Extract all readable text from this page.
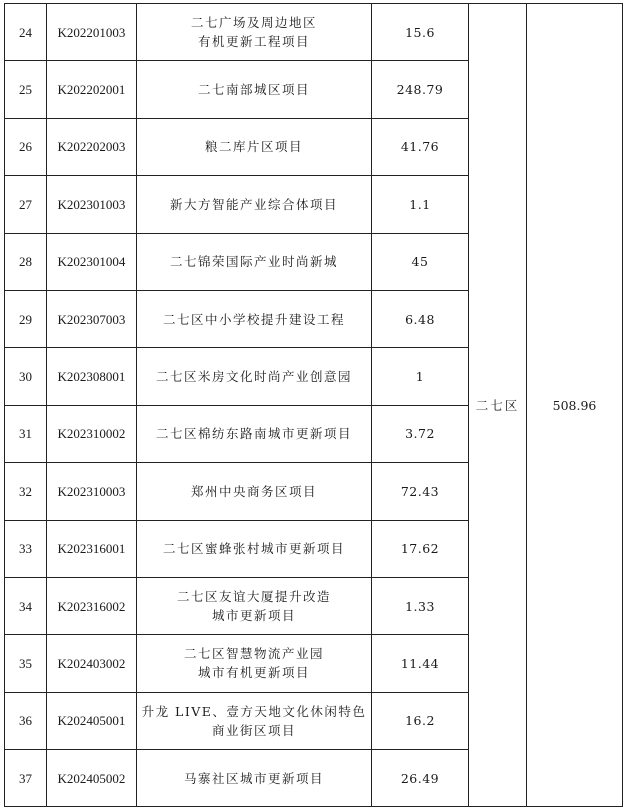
24	K202201003	二七广场及周边地区
有机更新工程项目	15.6	二七区	508.96
25	K202202001	二七南部城区项目	248.79		
26	K202202003	粮二库片区项目	41.76		
27	K202301003	新大方智能产业综合体项目	1.1		
28	K202301004	二七锦荣国际产业时尚新城	45		
29	K202307003	二七区中小学校提升建设工程	6.48		
30	K202308001	二七区米房文化时尚产业创意园	1		
31	K202310002	二七区棉纺东路南城市更新项目	3.72		
32	K202310003	郑州中央商务区项目	72.43		
33	K202316001	二七区蜜蜂张村城市更新项目	17.62		
34	K202316002	二七区友谊大厦提升改造
城市更新项目	1.33		
35	K202403002	二七区智慧物流产业园
城市有机更新项目	11.44		
36	K202405001	升龙 LIVE、壹方天地文化休闲特色
商业街区项目	16.2		
37	K202405002	马寨社区城市更新项目	26.49		
